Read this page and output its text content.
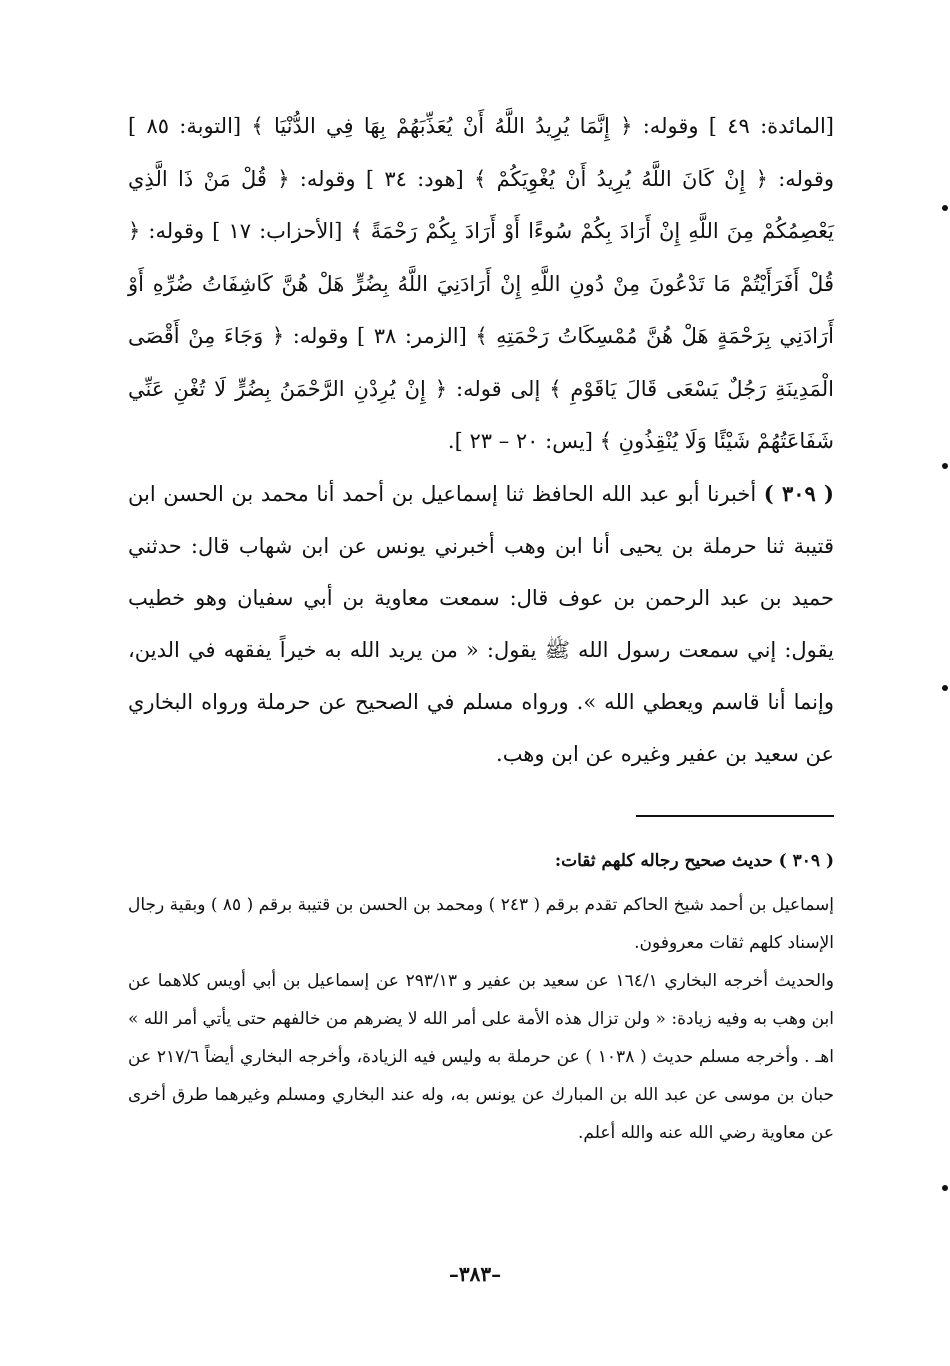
[المائدة: ٤٩ ] وقوله: ﴿ إِنَّمَا يُرِيدُ اللَّهُ أَنْ يُعَذِّبَهُمْ بِهَا فِي الدُّنْيَا ﴾ [التوبة: ٨٥ ] وقوله: ﴿ إِنْ كَانَ اللَّهُ يُرِيدُ أَنْ يُغْوِيَكُمْ ﴾ [هود: ٣٤ ] وقوله: ﴿ قُلْ مَنْ ذَا الَّذِي يَعْصِمُكُمْ مِنَ اللَّهِ إِنْ أَرَادَ بِكُمْ سُوءًا أَوْ أَرَادَ بِكُمْ رَحْمَةً ﴾ [الأحزاب: ١٧ ] وقوله: ﴿ قُلْ أَفَرَأَيْتُمْ مَا تَدْعُونَ مِنْ دُونِ اللَّهِ إِنْ أَرَادَنِيَ اللَّهُ بِضُرٍّ هَلْ هُنَّ كَاشِفَاتُ ضُرِّهِ أَوْ أَرَادَنِي بِرَحْمَةٍ هَلْ هُنَّ مُمْسِكَاتُ رَحْمَتِهِ ﴾ [الزمر: ٣٨ ] وقوله: ﴿ وَجَاءَ مِنْ أَقْصَى الْمَدِينَةِ رَجُلٌ يَسْعَى قَالَ يَاقَوْمِ ﴾ إلى قوله: ﴿ إِنْ يُرِدْنِ الرَّحْمَنُ بِضُرٍّ لَا تُغْنِ عَنِّي شَفَاعَتُهُمْ شَيْئًا وَلَا يُنْقِذُونِ ﴾ [يس: ٢٠ – ٢٣ ].
( ٣٠٩ ) أخبرنا أبو عبد الله الحافظ ثنا إسماعيل بن أحمد أنا محمد بن الحسن ابن قتيبة ثنا حرملة بن يحيى أنا ابن وهب أخبرني يونس عن ابن شهاب قال: حدثني حميد بن عبد الرحمن بن عوف قال: سمعت معاوية بن أبي سفيان وهو خطيب يقول: إني سمعت رسول الله ﷺ يقول: « من يريد الله به خيراً يفقهه في الدين، وإنما أنا قاسم ويعطي الله ». ورواه مسلم في الصحيح عن حرملة ورواه البخاري عن سعيد بن عفير وغيره عن ابن وهب.
( ٣٠٩ ) حديث صحيح رجاله كلهم ثقات:
إسماعيل بن أحمد شيخ الحاكم تقدم برقم ( ٢٤٣ ) ومحمد بن الحسن بن قتيبة برقم ( ٨٥ ) وبقية رجال الإسناد كلهم ثقات معروفون.
والحديث أخرجه البخاري ١٦٤/١ عن سعيد بن عفير و ٢٩٣/١٣ عن إسماعيل بن أبي أويس كلاهما عن ابن وهب به وفيه زيادة: « ولن تزال هذه الأمة على أمر الله لا يضرهم من خالفهم حتى يأتي أمر الله » اهـ . وأخرجه مسلم حديث ( ١٠٣٨ ) عن حرملة به وليس فيه الزيادة، وأخرجه البخاري أيضاً ٢١٧/٦ عن حبان بن موسى عن عبد الله بن المبارك عن يونس به، وله عند البخاري ومسلم وغيرهما طرق أخرى عن معاوية رضي الله عنه والله أعلم.
–٣٨٣–
